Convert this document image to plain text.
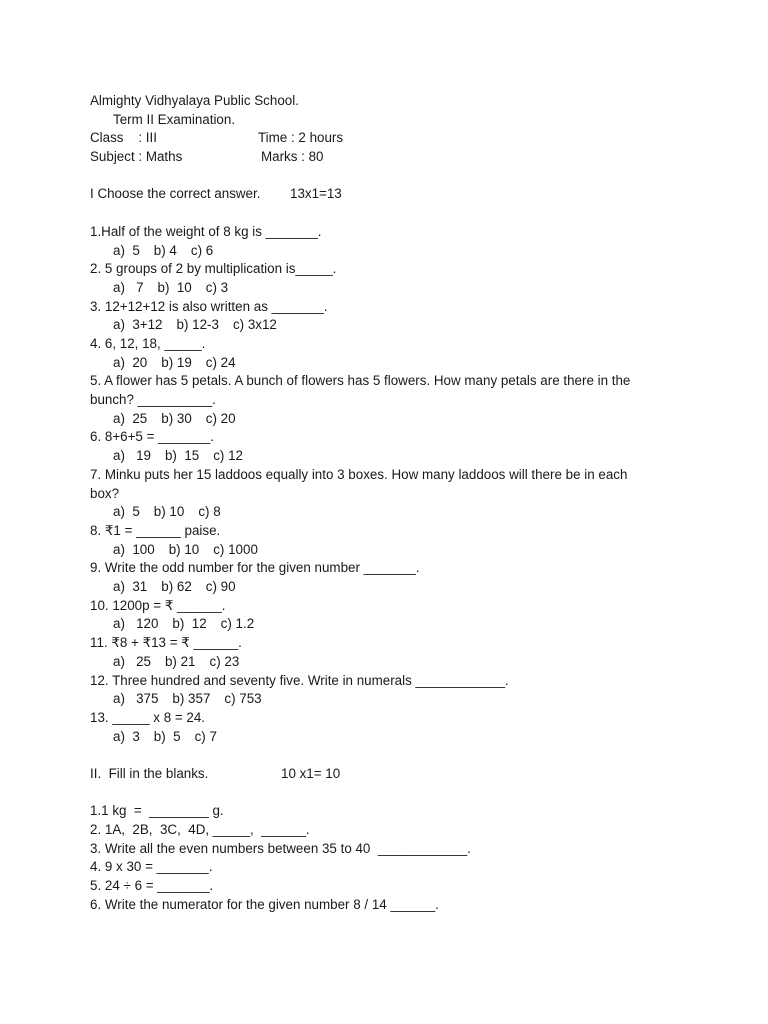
Almighty Vidhyalaya Public School.
Term II Examination.
Class    : III	Time : 2 hours
Subject : Maths	Marks : 80
I Choose the correct answer.	13x1=13
1.Half of the weight of 8 kg is _______.
a)  5 b) 4 c) 6
2. 5 groups of 2 by multiplication is_____.
a)   7 b)  10 c) 3
3. 12+12+12 is also written as _______.
a)  3+12 b) 12-3 c) 3x12
4. 6, 12, 18, _____.
a)  20 b) 19 c) 24
5. A flower has 5 petals. A bunch of flowers has 5 flowers. How many petals are there in the bunch? __________.
a)  25 b) 30 c) 20
6. 8+6+5 = _______.
a)   19 b)  15 c) 12
7. Minku puts her 15 laddoos equally into 3 boxes. How many laddoos will there be in each box?
a)  5 b) 10 c) 8
8. ₹1 = ______ paise.
a)  100 b) 10 c) 1000
9. Write the odd number for the given number _______.
a)  31 b) 62 c) 90
10. 1200p = ₹ ______.
a)   120 b)  12 c) 1.2
11. ₹8 + ₹13 = ₹ ______.
a)   25 b) 21 c) 23
12. Three hundred and seventy five. Write in numerals ____________.
a)   375 b) 357 c) 753
13. _____ x 8 = 24.
a)  3 b)  5 c) 7
II.  Fill in the blanks.	10 x1= 10
1.1 kg  =  ________ g.
2. 1A,  2B,  3C,  4D, _____,  ______.
3. Write all the even numbers between 35 to 40  ____________.
4. 9 x 30 = _______.
5. 24 ÷ 6 = _______.
6. Write the numerator for the given number 8 / 14 ______.
